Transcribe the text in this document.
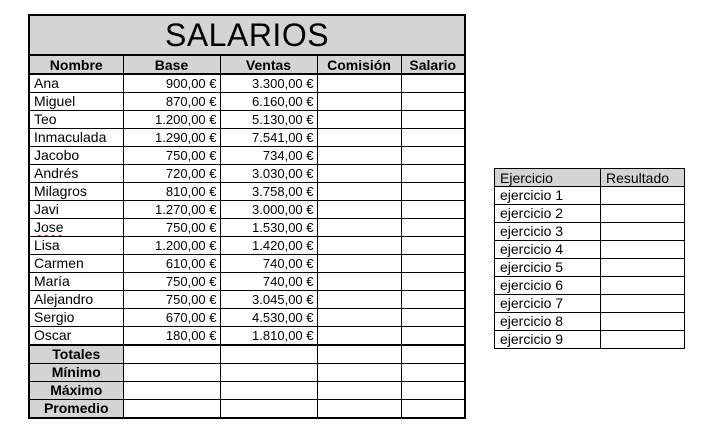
SALARIOS				
Nombre	Base	Ventas	Comisión	Salario
Ana	900,00 €	3.300,00 €		
Miguel	870,00 €	6.160,00 €		
Teo	1.200,00 €	5.130,00 €		
Inmaculada	1.290,00 €	7.541,00 €		
Jacobo	750,00 €	734,00 €		
Andrés	720,00 €	3.030,00 €		
Milagros	810,00 €	3.758,00 €		
Javi	1.270,00 €	3.000,00 €		
Jose	750,00 €	1.530,00 €		
Lisa	1.200,00 €	1.420,00 €		
Carmen	610,00 €	740,00 €		
María	750,00 €	740,00 €		
Alejandro	750,00 €	3.045,00 €		
Sergio	670,00 €	4.530,00 €		
Oscar	180,00 €	1.810,00 €		
Totales				
Mínimo				
Máximo				
Promedio				
Ejercicio	Resultado
ejercicio 1	
ejercicio 2	
ejercicio 3	
ejercicio 4	
ejercicio 5	
ejercicio 6	
ejercicio 7	
ejercicio 8	
ejercicio 9	
